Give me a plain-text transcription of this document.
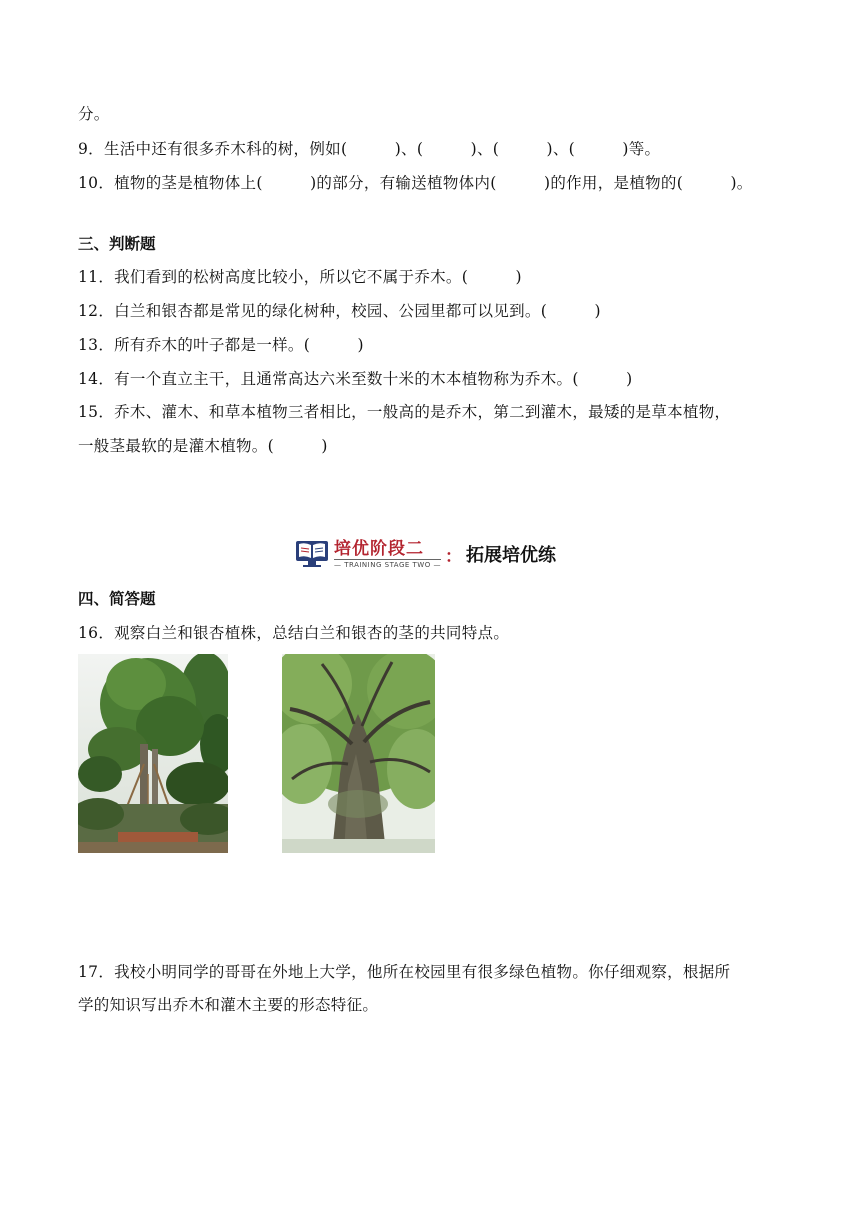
分。
9．生活中还有很多乔木科的树，例如(　　　)、(　　　)、(　　　)、(　　　)等。
10．植物的茎是植物体上(　　　)的部分，有输送植物体内(　　　)的作用，是植物的(　　　)。
三、判断题
11．我们看到的松树高度比较小，所以它不属于乔木。(　　　)
12．白兰和银杏都是常见的绿化树种，校园、公园里都可以见到。(　　　)
13．所有乔木的叶子都是一样。(　　　)
14．有一个直立主干，且通常高达六米至数十米的木本植物称为乔木。(　　　)
15．乔木、灌木、和草本植物三者相比，一般高的是乔木，第二到灌木，最矮的是草本植物，
一般茎最软的是灌木植物。(　　　)
培优阶段二
— TRAINING STAGE TWO — ： 拓展培优练
四、简答题
16．观察白兰和银杏植株，总结白兰和银杏的茎的共同特点。
17．我校小明同学的哥哥在外地上大学，他所在校园里有很多绿色植物。你仔细观察，根据所
学的知识写出乔木和灌木主要的形态特征。
